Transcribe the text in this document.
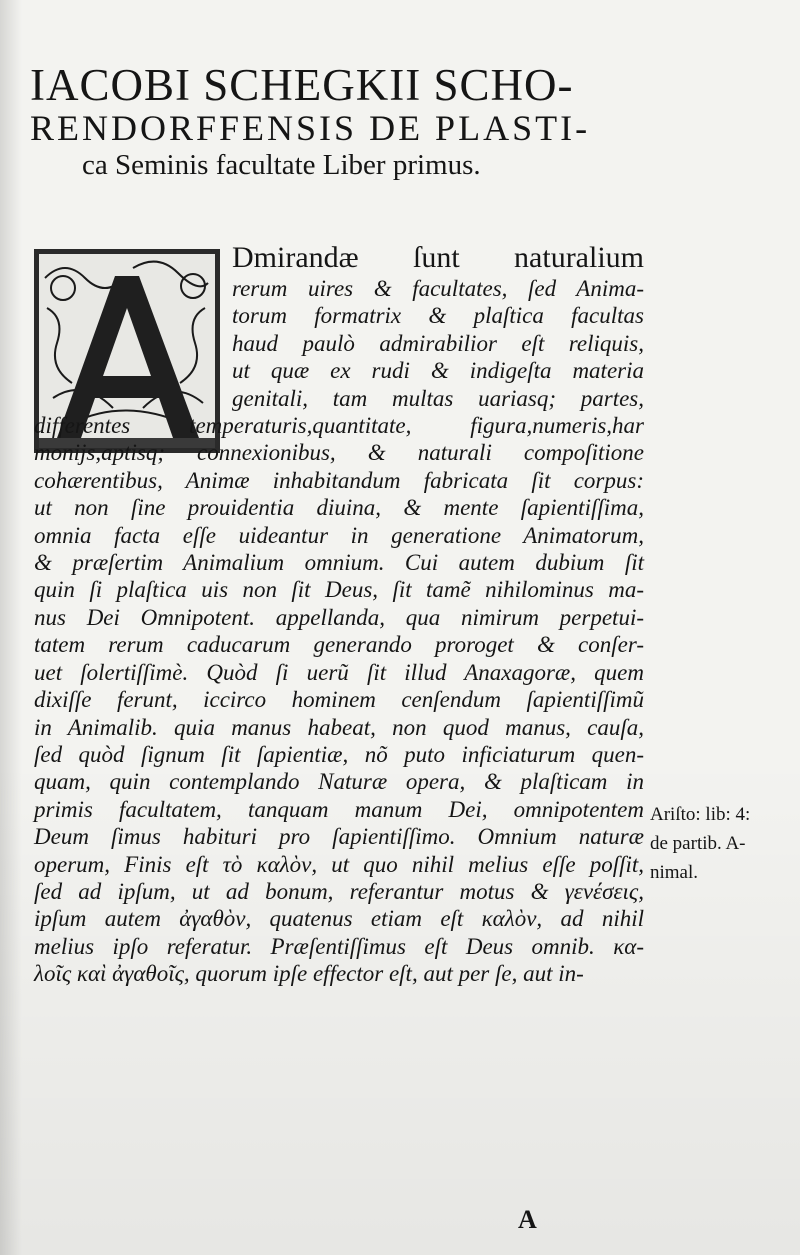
IACOBI SCHEGKII SCHO-
RENDORFFENSIS DE PLASTI-
ca Seminis facultate Liber primus.
Dmirandæ ſunt naturalium
rerum uires & facultates, ſed Anima-
torum formatrix & plaſtica facultas
haud paulò admirabilior eſt reliquis,
ut quæ ex rudi & indigeſta materia
genitali, tam multas uariasq; partes,
differentes temperaturis,quantitate, figura,numeris,har
monijs,aptisq; connexionibus, & naturali compoſitione
cohærentibus, Animæ inhabitandum fabricata ſit corpus:
ut non ſine prouidentia diuina, & mente ſapientiſſima,
omnia facta eſſe uideantur in generatione Animatorum,
& præſertim Animalium omnium. Cui autem dubium ſit
quin ſi plaſtica uis non ſit Deus, ſit tamẽ nihilominus ma-
nus Dei Omnipotent. appellanda, qua nimirum perpetui-
tatem rerum caducarum generando proroget & conſer-
uet ſolertiſſimè. Quòd ſi uerũ ſit illud Anaxagoræ, quem
dixiſſe ferunt, iccirco hominem cenſendum ſapientiſſimũ
in Animalib. quia manus habeat, non quod manus, cauſa,
ſed quòd ſignum ſit ſapientiæ, nõ puto inficiaturum quen-
quam, quin contemplando Naturæ opera, & plaſticam in
primis facultatem, tanquam manum Dei, omnipotentem
Deum ſimus habituri pro ſapientiſſimo. Omnium naturæ
operum, Finis eſt τὸ καλὸν, ut quo nihil melius eſſe poſſit,
ſed ad ipſum, ut ad bonum, referantur motus & γενέσεις,
ipſum autem ἀγαθὸν, quatenus etiam eſt καλὸν, ad nihil
melius ipſo referatur. Præſentiſſimus eſt Deus omnib. κα-
λοῖς καὶ ἀγαθοῖς, quorum ipſe effector eſt, aut per ſe, aut in-
Ariſto: lib: 4:
de partib. A-
nimal.
A
